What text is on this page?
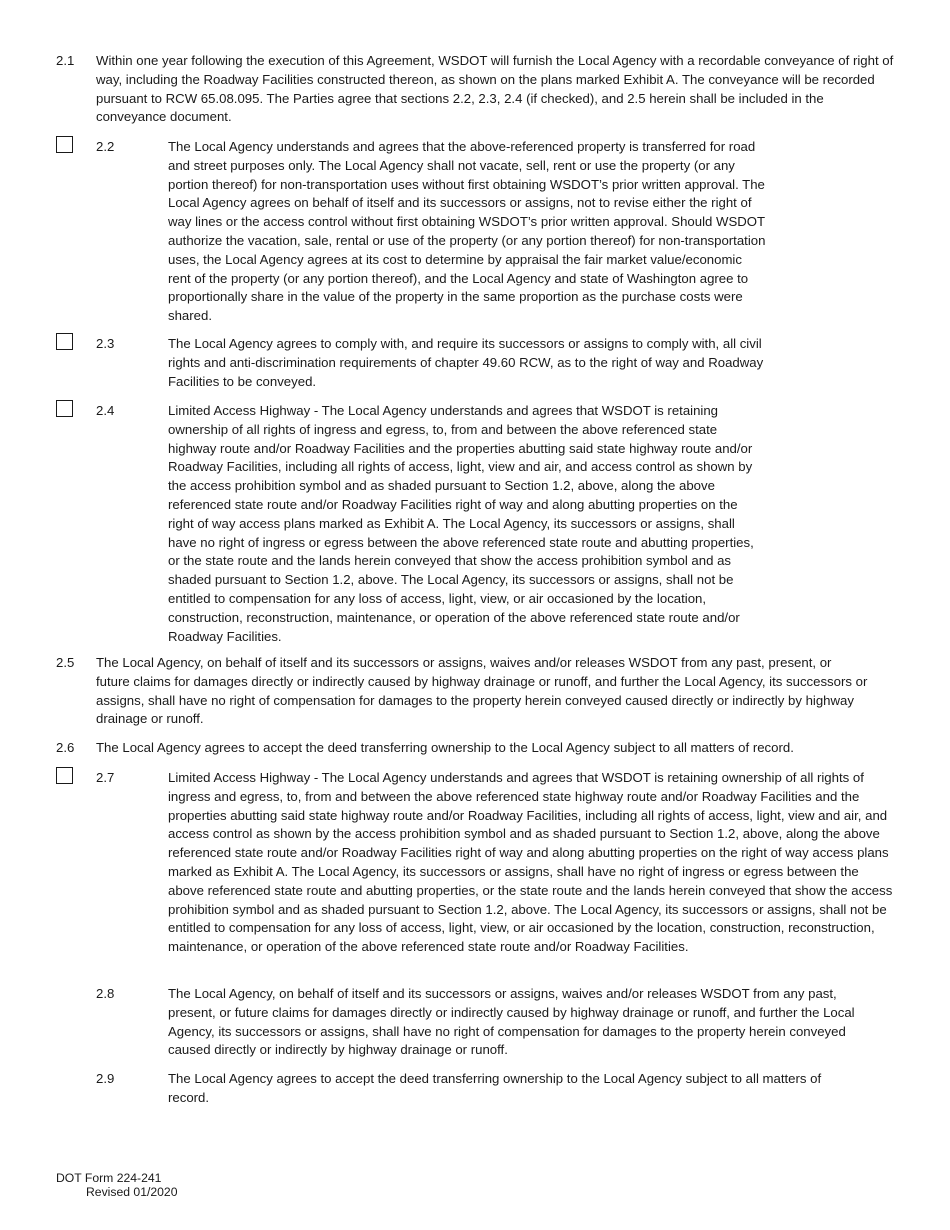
2.1 Within one year following the execution of this Agreement, WSDOT will furnish the Local Agency with a recordable conveyance of right of way, including the Roadway Facilities constructed thereon, as shown on the plans marked Exhibit A. The conveyance will be recorded pursuant to RCW 65.08.095. The Parties agree that sections 2.2, 2.3, 2.4 (if checked), and 2.5 herein shall be included in the conveyance document.
2.2	The Local Agency understands and agrees that the above-referenced property is transferred for road and street purposes only. The Local Agency shall not vacate, sell, rent or use the property (or any portion thereof) for non-transportation uses without first obtaining WSDOT’s prior written approval. The Local Agency agrees on behalf of itself and its successors or assigns, not to revise either the right of way lines or the access control without first obtaining WSDOT’s prior written approval. Should WSDOT authorize the vacation, sale, rental or use of the property (or any portion thereof) for non-transportation uses, the Local Agency agrees at its cost to determine by appraisal the fair market value/economic rent of the property (or any portion thereof), and the Local Agency and state of Washington agree to proportionally share in the value of the property in the same proportion as the purchase costs were shared.
2.3	The Local Agency agrees to comply with, and require its successors or assigns to comply with, all civil rights and anti-discrimination requirements of chapter 49.60 RCW, as to the right of way and Roadway Facilities to be conveyed.
2.4	Limited Access Highway - The Local Agency understands and agrees that WSDOT is retaining ownership of all rights of ingress and egress, to, from and between the above referenced state highway route and/or Roadway Facilities and the properties abutting said state highway route and/or Roadway Facilities, including all rights of access, light, view and air, and access control as shown by the access prohibition symbol and as shaded pursuant to Section 1.2, above, along the above referenced state route and/or Roadway Facilities right of way and along abutting properties on the right of way access plans marked as Exhibit A. The Local Agency, its successors or assigns, shall have no right of ingress or egress between the above referenced state route and abutting properties, or the state route and the lands herein conveyed that show the access prohibition symbol and as shaded pursuant to Section 1.2, above. The Local Agency, its successors or assigns, shall not be entitled to compensation for any loss of access, light, view, or air occasioned by the location, construction, reconstruction, maintenance, or operation of the above referenced state route and/or Roadway Facilities.
2.5 The Local Agency, on behalf of itself and its successors or assigns, waives and/or releases WSDOT from any past, present, or future claims for damages directly or indirectly caused by highway drainage or runoff, and further the Local Agency, its successors or assigns, shall have no right of compensation for damages to the property herein conveyed caused directly or indirectly by highway drainage or runoff.
2.6 The Local Agency agrees to accept the deed transferring ownership to the Local Agency subject to all matters of record.
2.7	Limited Access Highway - The Local Agency understands and agrees that WSDOT is retaining ownership of all rights of ingress and egress, to, from and between the above referenced state highway route and/or Roadway Facilities and the properties abutting said state highway route and/or Roadway Facilities, including all rights of access, light, view and air, and access control as shown by the access prohibition symbol and as shaded pursuant to Section 1.2, above, along the above referenced state route and/or Roadway Facilities right of way and along abutting properties on the right of way access plans marked as Exhibit A. The Local Agency, its successors or assigns, shall have no right of ingress or egress between the above referenced state route and abutting properties, or the state route and the lands herein conveyed that show the access prohibition symbol and as shaded pursuant to Section 1.2, above. The Local Agency, its successors or assigns, shall not be entitled to compensation for any loss of access, light, view, or air occasioned by the location, construction, reconstruction, maintenance, or operation of the above referenced state route and/or Roadway Facilities.
2.8	The Local Agency, on behalf of itself and its successors or assigns, waives and/or releases WSDOT from any past, present, or future claims for damages directly or indirectly caused by highway drainage or runoff, and further the Local Agency, its successors or assigns, shall have no right of compensation for damages to the property herein conveyed caused directly or indirectly by highway drainage or runoff.
2.9	The Local Agency agrees to accept the deed transferring ownership to the Local Agency subject to all matters of record.
DOT Form 224-241
Revised 01/2020
